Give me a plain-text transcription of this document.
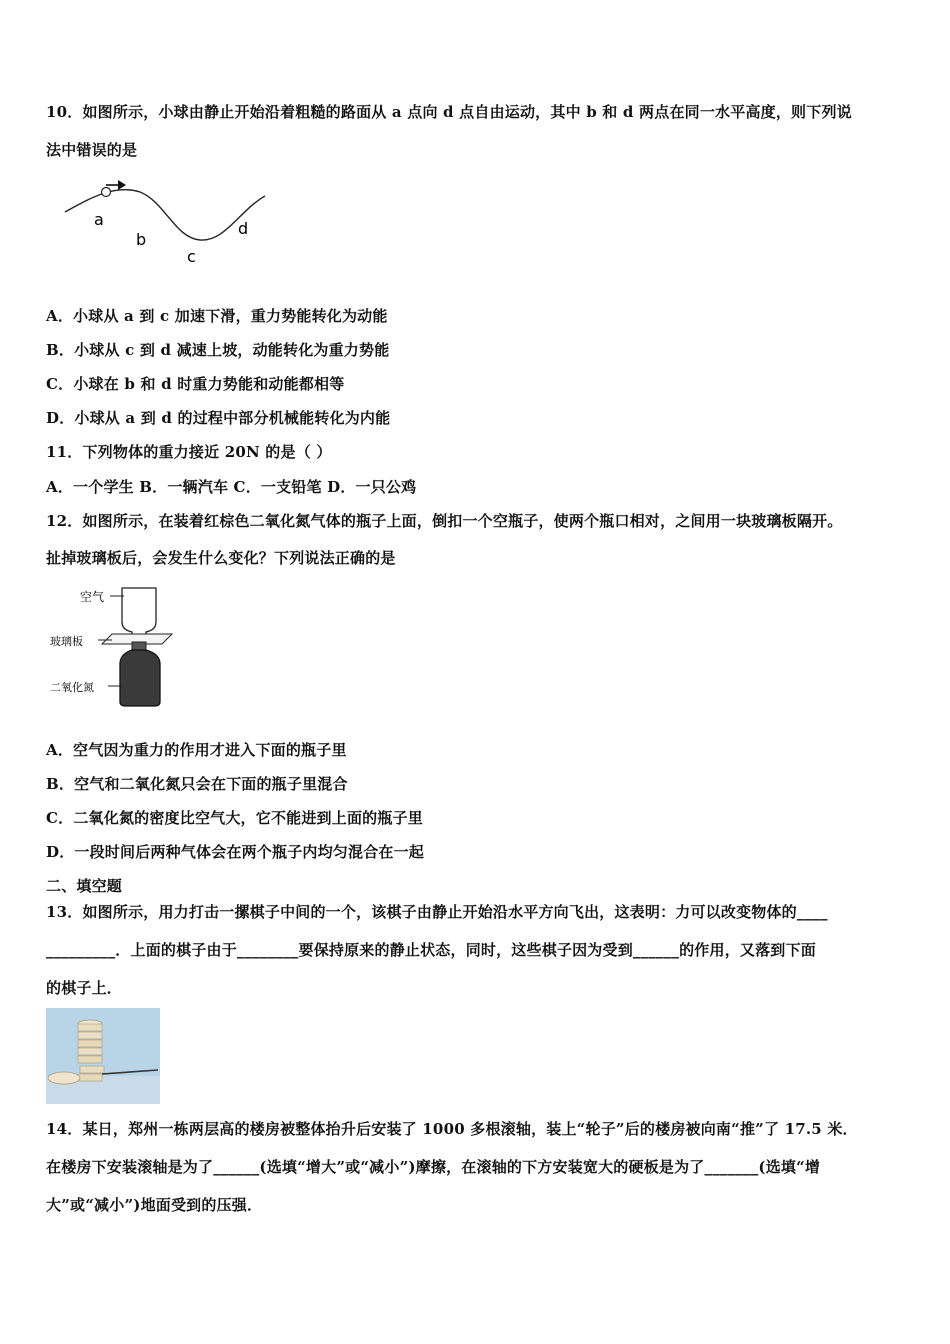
10．如图所示，小球由静止开始沿着粗糙的路面从 a 点向 d 点自由运动，其中 b 和 d 两点在同一水平高度，则下列说
法中错误的是
a
b
c
d
A．小球从 a 到 c 加速下滑，重力势能转化为动能
B．小球从 c 到 d 减速上坡，动能转化为重力势能
C．小球在 b 和 d 时重力势能和动能都相等
D．小球从 a 到 d 的过程中部分机械能转化为内能
11．下列物体的重力接近 20N 的是（ ）
A．一个学生 B．一辆汽车 C．一支铅笔 D．一只公鸡
12．如图所示，在装着红棕色二氧化氮气体的瓶子上面，倒扣一个空瓶子，使两个瓶口相对，之间用一块玻璃板隔开。
扯掉玻璃板后，会发生什么变化？下列说法正确的是
空气
玻璃板
二氧化氮
A．空气因为重力的作用才进入下面的瓶子里
B．空气和二氧化氮只会在下面的瓶子里混合
C．二氧化氮的密度比空气大，它不能进到上面的瓶子里
D．一段时间后两种气体会在两个瓶子内均匀混合在一起
二、填空题
13．如图所示，用力打击一摞棋子中间的一个，该棋子由静止开始沿水平方向飞出，这表明：力可以改变物体的____
_________．上面的棋子由于________要保持原来的静止状态，同时，这些棋子因为受到______的作用，又落到下面
的棋子上．
14．某日，郑州一栋两层高的楼房被整体抬升后安装了 1000 多根滚轴，装上“轮子”后的楼房被向南“推”了 17.5 米．
在楼房下安装滚轴是为了______(选填“增大”或“减小”)摩擦，在滚轴的下方安装宽大的硬板是为了_______(选填“增
大”或“减小”)地面受到的压强．
